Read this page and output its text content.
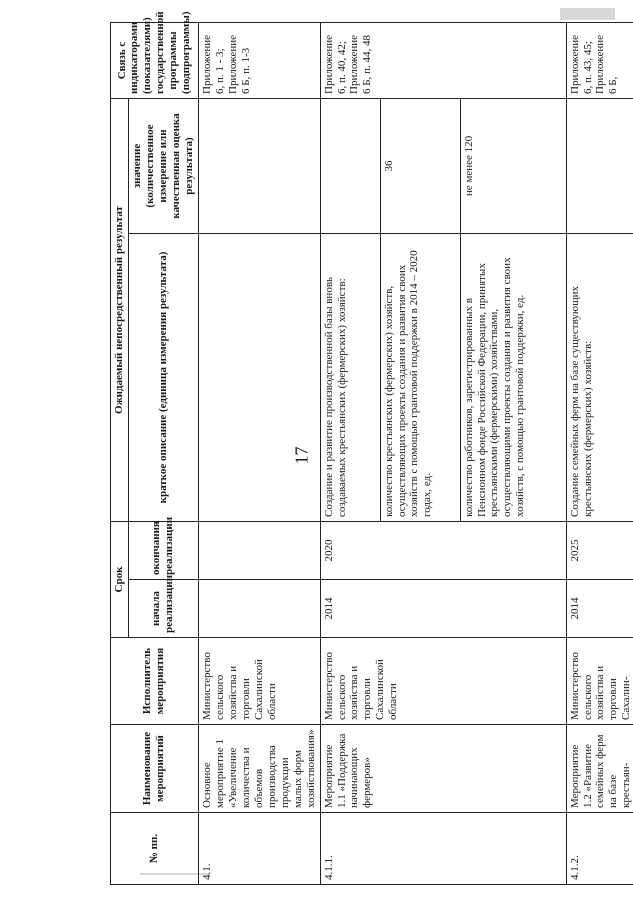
17
№ пп.	Наименование мероприятий	Исполнитель мероприятия	Срок		Ожидаемый непосредственный результат		Связь с индикаторами (показателями) государственной программы (подпрограммы)
			начала реализации	окончания реализации	краткое описание (единица измерения результата)	значение (количественное измерение или качественная оценка результата)	
4.1.	Основное мероприятие 1 «Увеличение количества и объемов производства продукции малых форм хозяйствования»	Министерство сельского хозяйства и торговли Сахалинской области					Приложение 6, п. 1 - 3; Приложение 6 Б, п. 1-3
4.1.1.	Мероприятие 1.1 «Поддержка начинающих фермеров»	Министерство сельского хозяйства и торговли Сахалинской области	2014	2020	Создание и развитие производственной базы вновь создаваемых крестьянских (фермерских) хозяйств:		Приложение 6, п. 40, 42; Приложение 6 Б, п. 44, 48
					количество крестьянских (фермерских) хозяйств, осуществляющих проекты создания и развития своих хозяйств с помощью грантовой поддержки в 2014 – 2020 годах, ед.	36	
					количество работников, зарегистрированных в Пенсионном фонде Российской Федерации, принятых крестьянскими (фермерскими) хозяйствами, осуществляющими проекты создания и развития своих хозяйств, с помощью грантовой поддержки, ед.	не менее 120	
4.1.2.	Мероприятие 1.2 «Развитие семейных ферм на базе крестьян-	Министерство сельского хозяйства и торговли Сахалин-	2014	2025	Создание семейных ферм на базе существующих крестьянских (фермерских) хозяйств:		Приложение 6, п. 43, 45; Приложение 6 Б,
